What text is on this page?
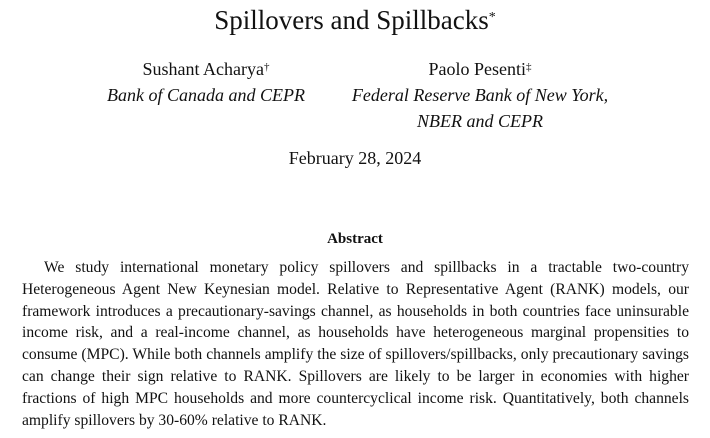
Spillovers and Spillbacks*
Sushant Acharya†
Bank of Canada and CEPR
Paolo Pesenti‡
Federal Reserve Bank of New York,
NBER and CEPR
February 28, 2024
Abstract

We study international monetary policy spillovers and spillbacks in a tractable two-country Heterogeneous Agent New Keynesian model. Relative to Representative Agent (RANK) models, our framework introduces a precautionary-savings channel, as households in both countries face uninsurable income risk, and a real-income channel, as households have heterogeneous marginal propensities to consume (MPC). While both channels amplify the size of spillovers/spillbacks, only precautionary savings can change their sign relative to RANK. Spillovers are likely to be larger in economies with higher fractions of high MPC households and more countercyclical income risk. Quantitatively, both channels amplify spillovers by 30-60% relative to RANK.
